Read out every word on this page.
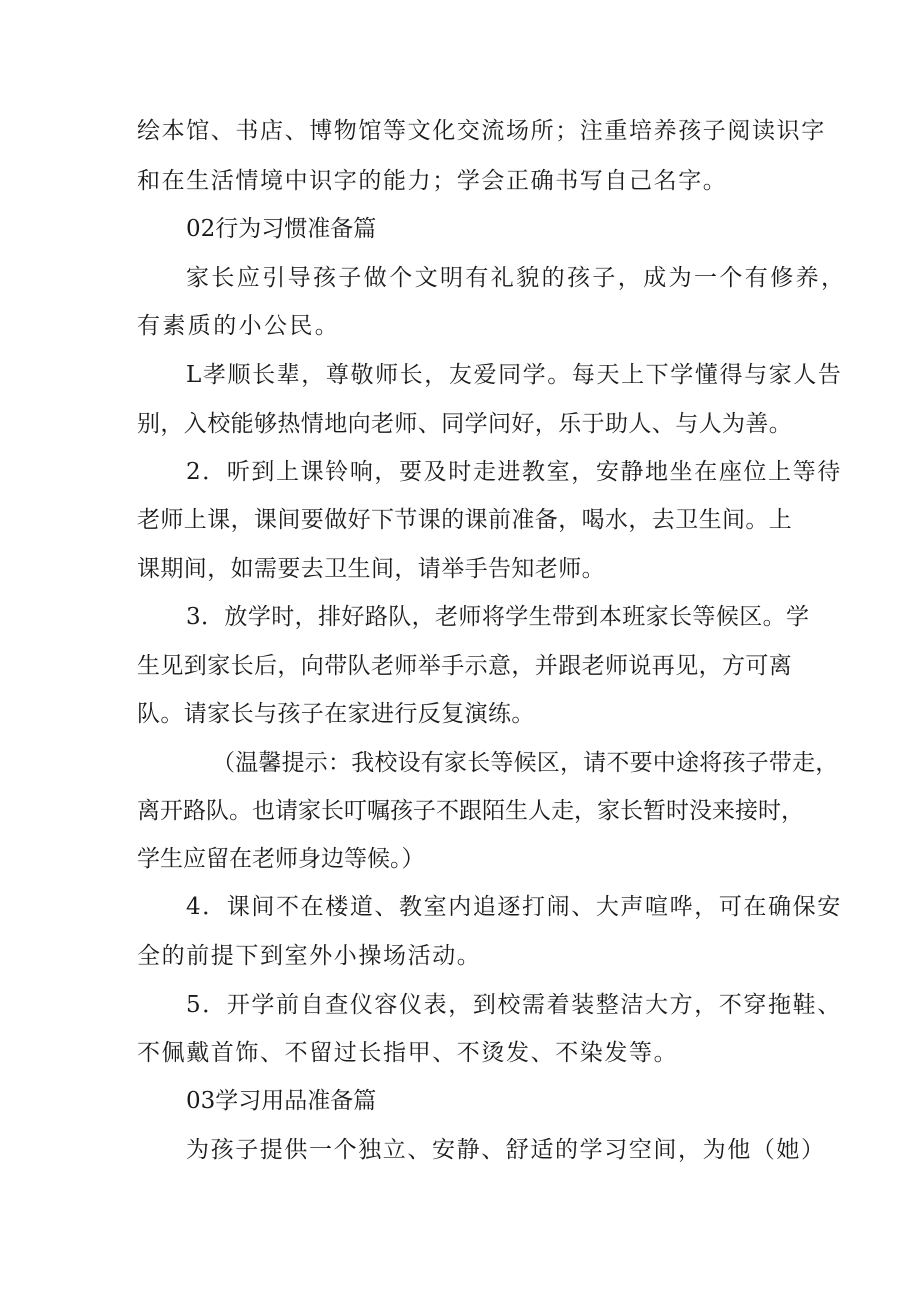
绘本馆、书店、博物馆等文化交流场所；注重培养孩子阅读识字
和在生活情境中识字的能力；学会正确书写自己名字。
02行为习惯准备篇
家长应引导孩子做个文明有礼貌的孩子，成为一个有修养，
有素质的小公民。
L孝顺长辈，尊敬师长，友爱同学。每天上下学懂得与家人告
别，入校能够热情地向老师、同学问好，乐于助人、与人为善。
2．听到上课铃响，要及时走进教室，安静地坐在座位上等待
老师上课，课间要做好下节课的课前准备，喝水，去卫生间。上
课期间，如需要去卫生间，请举手告知老师。
3．放学时，排好路队，老师将学生带到本班家长等候区。学
生见到家长后，向带队老师举手示意，并跟老师说再见，方可离
队。请家长与孩子在家进行反复演练。
（温馨提示：我校设有家长等候区，请不要中途将孩子带走，
离开路队。也请家长叮嘱孩子不跟陌生人走，家长暂时没来接时，
学生应留在老师身边等候。）
4．课间不在楼道、教室内追逐打闹、大声喧哗，可在确保安
全的前提下到室外小操场活动。
5．开学前自查仪容仪表，到校需着装整洁大方，不穿拖鞋、
不佩戴首饰、不留过长指甲、不烫发、不染发等。
03学习用品准备篇
为孩子提供一个独立、安静、舒适的学习空间，为他（她）
